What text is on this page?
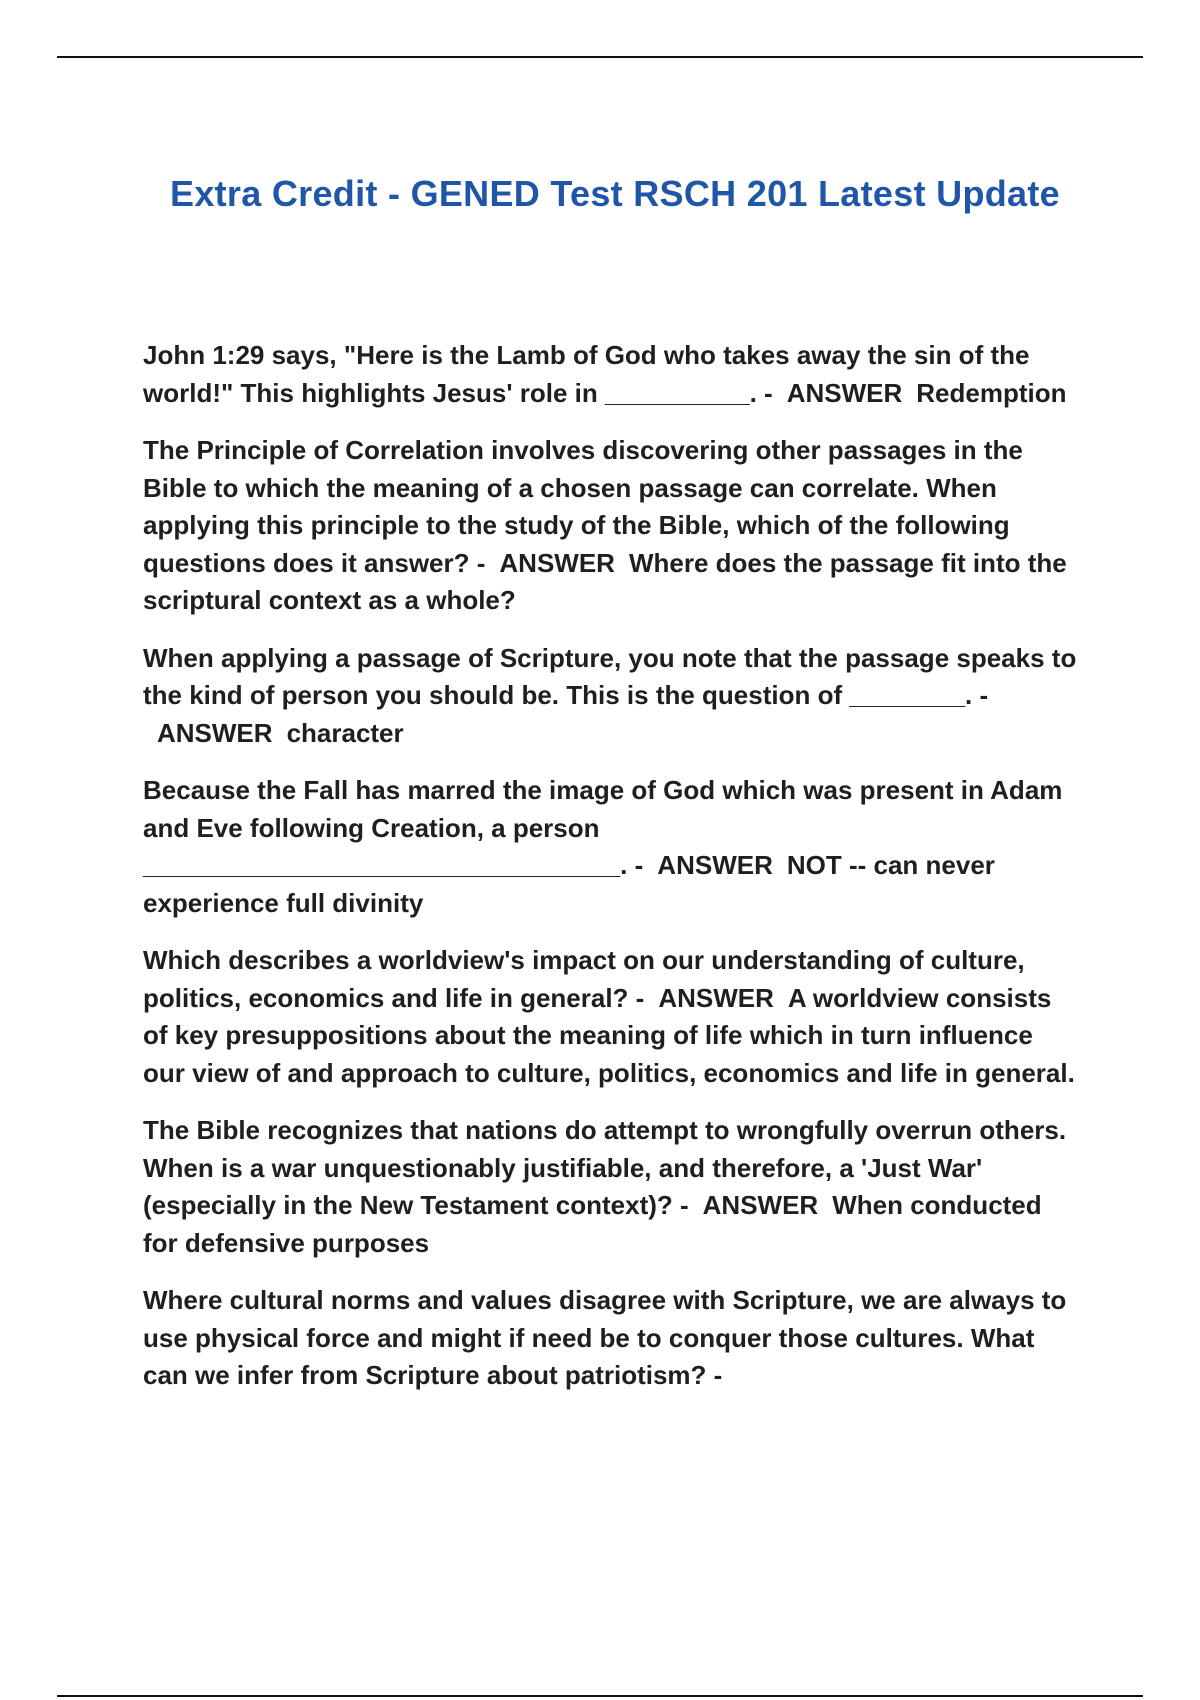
Extra Credit - GENED Test RSCH 201 Latest Update

John 1:29 says, "Here is the Lamb of God who takes away the sin of the world!" This highlights Jesus' role in __________. - ANSWER Redemption

The Principle of Correlation involves discovering other passages in the Bible to which the meaning of a chosen passage can correlate. When applying this principle to the study of the Bible, which of the following questions does it answer? - ANSWER Where does the passage fit into the scriptural context as a whole?

When applying a passage of Scripture, you note that the passage speaks to the kind of person you should be. This is the question of ________. -ANSWER character

Because the Fall has marred the image of God which was present in Adam and Eve following Creation, a person _________________________________. - ANSWER NOT -- can never experience full divinity

Which describes a worldview's impact on our understanding of culture, politics, economics and life in general? - ANSWER A worldview consists of key presuppositions about the meaning of life which in turn influence our view of and approach to culture, politics, economics and life in general.

The Bible recognizes that nations do attempt to wrongfully overrun others. When is a war unquestionably justifiable, and therefore, a 'Just War' (especially in the New Testament context)? - ANSWER When conducted for defensive purposes

Where cultural norms and values disagree with Scripture, we are always to use physical force and might if need be to conquer those cultures. What can we infer from Scripture about patriotism? -
